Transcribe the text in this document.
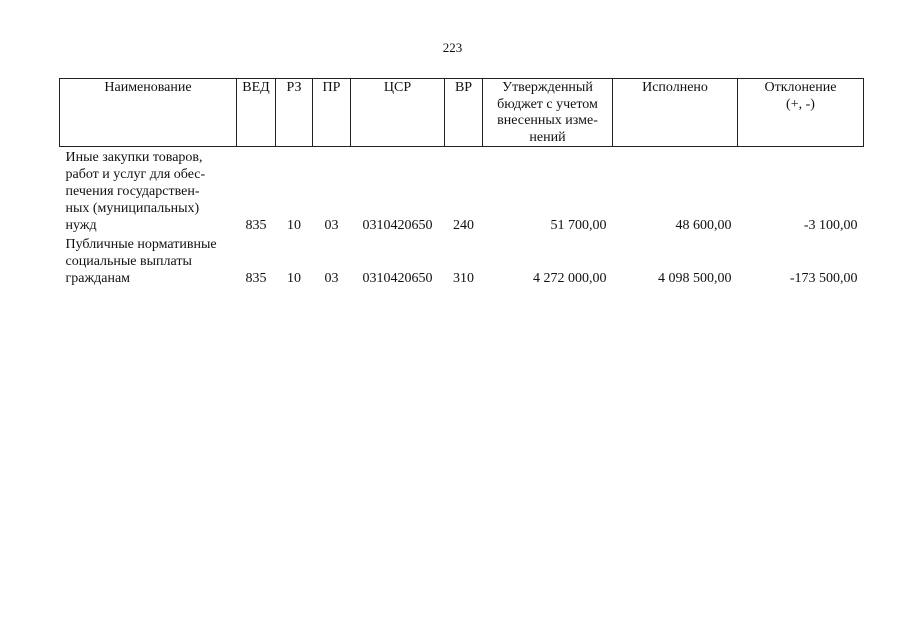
223
Наименование	ВЕД	РЗ	ПР	ЦСР	ВР	Утвержденный
бюджет с учетом
внесенных изме-
нений	Исполнено	Отклонение
(+, -)
Иные закупки товаров,
работ и услуг для обес-
печения государствен-
ных (муниципальных)
нужд	835	10	03	0310420650	240	51 700,00	48 600,00	-3 100,00
Публичные нормативные
социальные выплаты
гражданам	835	10	03	0310420650	310	4 272 000,00	4 098 500,00	-173 500,00
